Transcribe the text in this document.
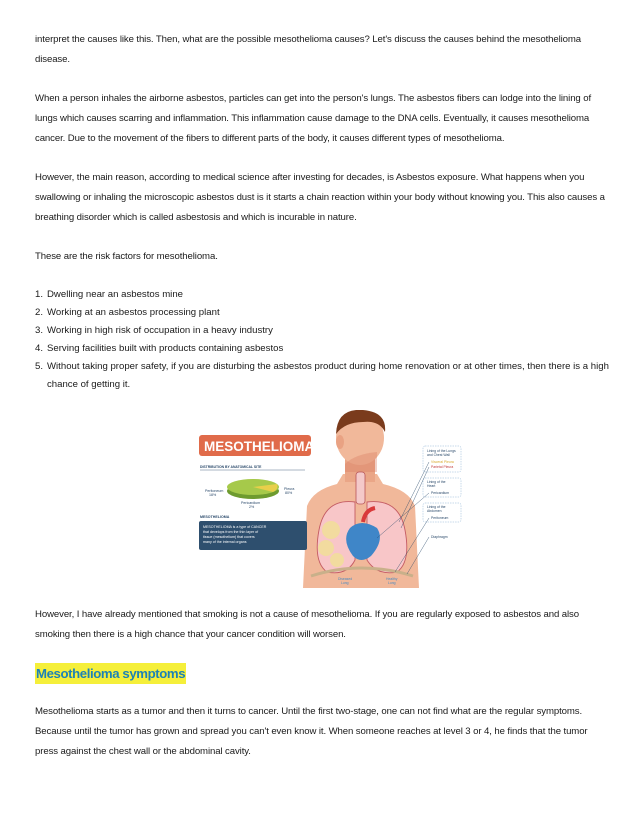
interpret the causes like this. Then, what are the possible mesothelioma causes? Let's discuss the causes behind the mesothelioma disease.

When a person inhales the airborne asbestos, particles can get into the person's lungs. The asbestos fibers can lodge into the lining of lungs which causes scarring and inflammation. This inflammation cause damage to the DNA cells. Eventually, it causes mesothelioma cancer. Due to the movement of the fibers to different parts of the body, it causes different types of mesothelioma.

However, the main reason, according to medical science after investing for decades, is Asbestos exposure. What happens when you swallowing or inhaling the microscopic asbestos dust is it starts a chain reaction within your body without knowing you. This also causes a breathing disorder which is called asbestosis and which is incurable in nature.

These are the risk factors for mesothelioma.

1. Dwelling near an asbestos mine
2. Working at an asbestos processing plant
3. Working in high risk of occupation in a heavy industry
4. Serving facilities built with products containing asbestos
5. Without taking proper safety, if you are disturbing the asbestos product during home renovation or at other times, then there is a high chance of getting it.
MESOTHELIOMA
DISTRIBUTION BY ANATOMICAL SITE
Peritoneum
18%
Pleura
80%
Pericardium
2%
MESOTHELIOMA
MESOTHELIOMA is a type of CANCER
that develops from the thin layer of
tissue (mesothelium) that covers
many of the internal organs
Lining of the Lungs
and Chest Wall
Visceral Pleura
Parietal Pleura
Lining of the
Heart
Pericardium
Lining of the
Abdomen
Peritoneum
Diaphragm
Diseased
Lung
Healthy
Lung

However, I have already mentioned that smoking is not a cause of mesothelioma. If you are regularly exposed to asbestos and also smoking then there is a high chance that your cancer condition will worsen.

Mesothelioma symptoms

Mesothelioma starts as a tumor and then it turns to cancer. Until the first two-stage, one can not find what are the regular symptoms. Because until the tumor has grown and spread you can't even know it. When someone reaches at level 3 or 4, he finds that the tumor press against the chest wall or the abdominal cavity.
